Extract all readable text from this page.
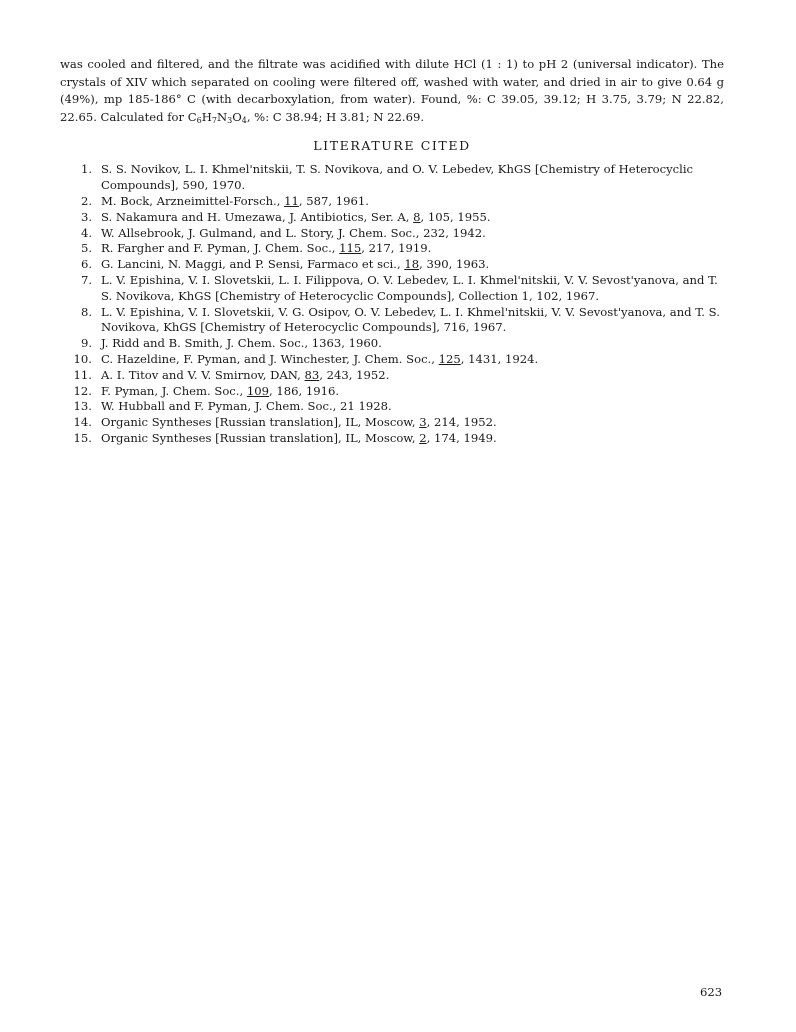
was cooled and filtered, and the filtrate was acidified with dilute HCl (1 : 1) to pH 2 (universal indicator). The crystals of XIV which separated on cooling were filtered off, washed with water, and dried in air to give 0.64 g (49%), mp 185-186° C (with decarboxylation, from water). Found, %: C 39.05, 39.12; H 3.75, 3.79; N 22.82, 22.65. Calculated for $C_6H_7N_3O_4$, %: C 38.94; H 3.81; N 22.69.

LITERATURE CITED
1. S. S. Novikov, L. I. Khmel'nitskii, T. S. Novikova, and O. V. Lebedev, KhGS [Chemistry of Heterocyclic Compounds], 590, 1970.
2. M. Bock, Arzneimittel-Forsch., 11, 587, 1961.
3. S. Nakamura and H. Umezawa, J. Antibiotics, Ser. A, 8, 105, 1955.
4. W. Allsebrook, J. Gulmand, and L. Story, J. Chem. Soc., 232, 1942.
5. R. Fargher and F. Pyman, J. Chem. Soc., 115, 217, 1919.
6. G. Lancini, N. Maggi, and P. Sensi, Farmaco et sci., 18, 390, 1963.
7. L. V. Epishina, V. I. Slovetskii, L. I. Filippova, O. V. Lebedev, L. I. Khmel'nitskii, V. V. Sevost'yanova, and T. S. Novikova, KhGS [Chemistry of Heterocyclic Compounds], Collection 1, 102, 1967.
8. L. V. Epishina, V. I. Slovetskii, V. G. Osipov, O. V. Lebedev, L. I. Khmel'nitskii, V. V. Sevost'yanova, and T. S. Novikova, KhGS [Chemistry of Heterocyclic Compounds], 716, 1967.
9. J. Ridd and B. Smith, J. Chem. Soc., 1363, 1960.
10. C. Hazeldine, F. Pyman, and J. Winchester, J. Chem. Soc., 125, 1431, 1924.
11. A. I. Titov and V. V. Smirnov, DAN, 83, 243, 1952.
12. F. Pyman, J. Chem. Soc., 109, 186, 1916.
13. W. Hubball and F. Pyman, J. Chem. Soc., 21 1928.
14. Organic Syntheses [Russian translation], IL, Moscow, 3, 214, 1952.
15. Organic Syntheses [Russian translation], IL, Moscow, 2, 174, 1949.
623
